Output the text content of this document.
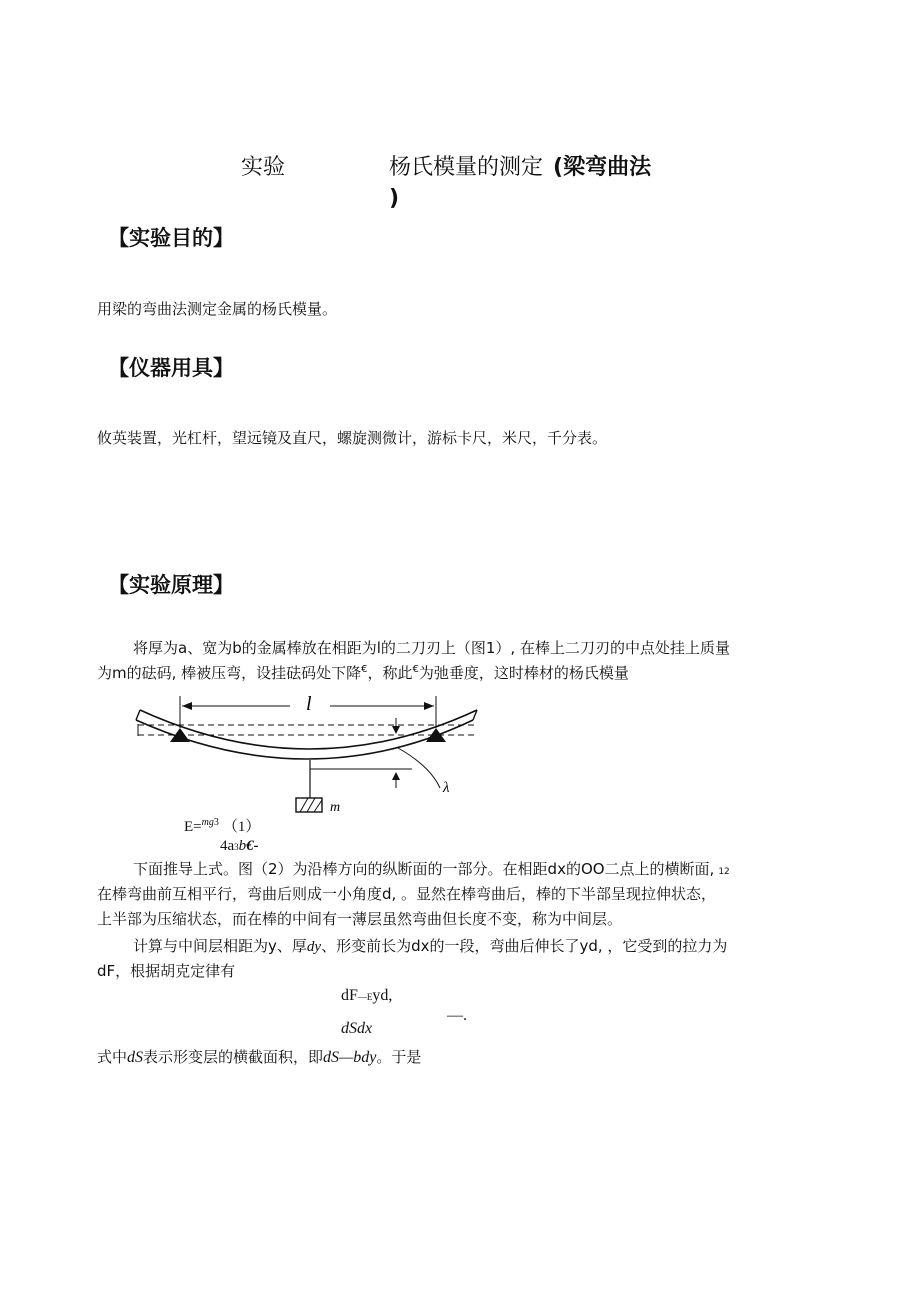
实验	杨氏模量的测定 (梁弯曲法
)
【实验目的】
用梁的弯曲法测定金属的杨氏模量。
【仪器用具】
攸英装置，光杠杆，望远镜及直尺，螺旋测微计，游标卡尺，米尺，千分表。
【实验原理】
将厚为a、宽为b的金属棒放在相距为l的二刀刃上（图1）, 在棒上二刀刃的中点处挂上质量
为m的砝码, 棒被压弯，设挂砝码处下降€，称此€为弛垂度，这时棒材的杨氏模量
l
λ
m
E=$^{mg3}$ （1）
4a3b€-
下面推导上式。图（2）为沿棒方向的纵断面的一部分。在相距dx的OO二点上的横断面, 12
在棒弯曲前互相平行，弯曲后则成一小角度d, 。显然在棒弯曲后，棒的下半部呈现拉伸状态，
上半部为压缩状态，而在棒的中间有一薄层虽然弯曲但长度不变，称为中间层。
计算与中间层相距为y、厚dy、形变前长为dx的一段，弯曲后伸长了yd, ，它受到的拉力为
dF，根据胡克定律有
dF—Eyd,
—.
dSdx
式中dS表示形变层的横截面积，即dS—bdy。于是
